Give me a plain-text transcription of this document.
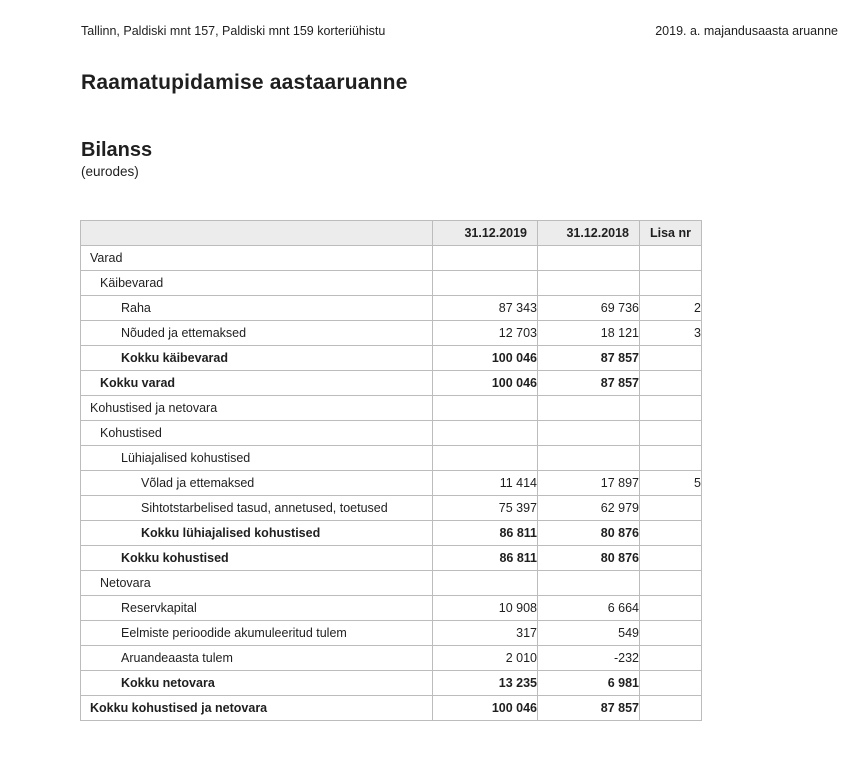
Tallinn, Paldiski mnt 157, Paldiski mnt 159 korteriühistu	2019. a. majandusaasta aruanne
Raamatupidamise aastaaruanne
Bilanss
(eurodes)
	31.12.2019	31.12.2018	Lisa nr
Varad			
Käibevarad			
Raha	87 343	69 736	2
Nõuded ja ettemaksed	12 703	18 121	3
Kokku käibevarad	100 046	87 857	
Kokku varad	100 046	87 857	
Kohustised ja netovara			
Kohustised			
Lühiajalised kohustised			
Võlad ja ettemaksed	11 414	17 897	5
Sihtotstarbelised tasud, annetused, toetused	75 397	62 979	
Kokku lühiajalised kohustised	86 811	80 876	
Kokku kohustised	86 811	80 876	
Netovara			
Reservkapital	10 908	6 664	
Eelmiste perioodide akumuleeritud tulem	317	549	
Aruandeaasta tulem	2 010	-232	
Kokku netovara	13 235	6 981	
Kokku kohustised ja netovara	100 046	87 857	
